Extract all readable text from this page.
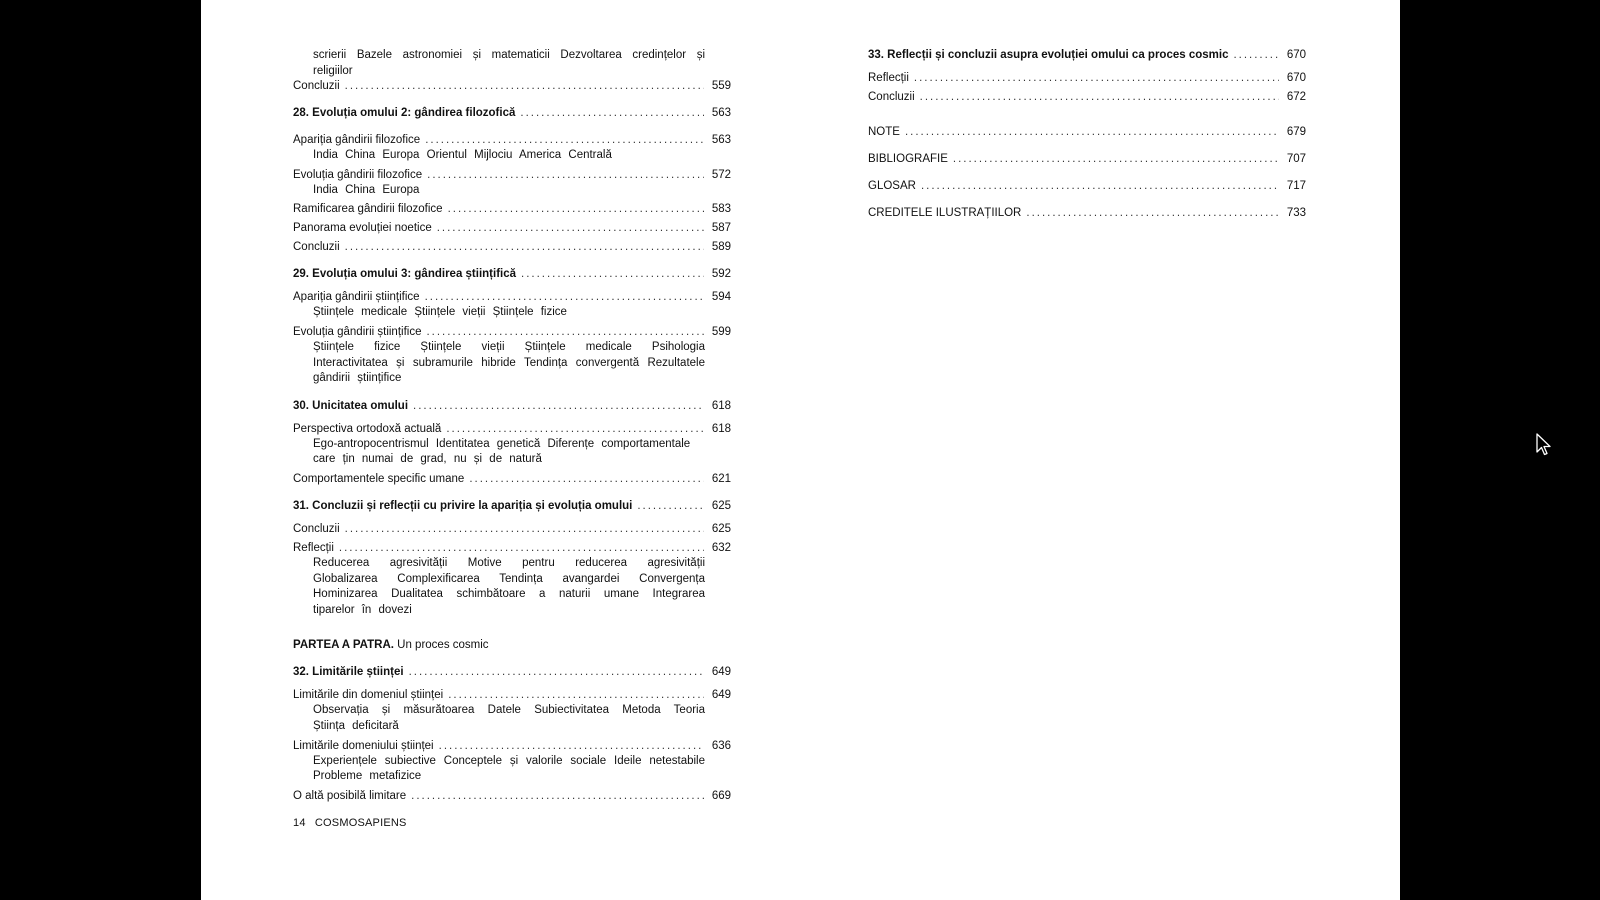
scrierii Bazele astronomiei și matematicii Dezvoltarea credințelor și religiilor
Concluzii . . .	559
28. Evoluția omului 2: gândirea filozofică . . .	563
Apariția gândirii filozofice . . .	563
India China Europa Orientul Mijlociu America Centrală
Evoluția gândirii filozofice . . .	572
India China Europa
Ramificarea gândirii filozofice . . .	583
Panorama evoluției noetice . . .	587
Concluzii . . .	589
29. Evoluția omului 3: gândirea științifică . . .	592
Apariția gândirii științifice . . .	594
Științele medicale Științele vieții Științele fizice
Evoluția gândirii științifice . . .	599
Științele fizice Științele vieții Științele medicale Psihologia Interactivitatea și subramurile hibride Tendința convergentă Rezultatele gândirii științifice
30. Unicitatea omului . . .	618
Perspectiva ortodoxă actuală . . .	618
Ego-antropocentrismul Identitatea genetică Diferențe comportamentale care țin numai de grad, nu și de natură
Comportamentele specific umane . . .	621
31. Concluzii și reflecții cu privire la apariția și evoluția omului . . .	625
Concluzii . . .	625
Reflecții . . .	632
Reducerea agresivității Motive pentru reducerea agresivității Globalizarea Complexificarea Tendința avangardei Convergența Hominizarea Dualitatea schimbătoare a naturii umane Integrarea tiparelor în dovezi
PARTEA A PATRA. Un proces cosmic
32. Limitările științei . . .	649
Limitările din domeniul științei . . .	649
Observația și măsurătoarea Datele Subiectivitatea Metoda Teoria Știința deficitară
Limitările domeniului științei . . .	636
Experiențele subiective Conceptele și valorile sociale Ideile netestabile Probleme metafizice
O altă posibilă limitare . . .	669
14 COSMOSAPIENS
33. Reflecții și concluzii asupra evoluției omului ca proces cosmic . . .	670
Reflecții . . .	670
Concluzii . . .	672
NOTE . . .	679
BIBLIOGRAFIE . . .	707
GLOSAR . . .	717
CREDITELE ILUSTRAȚIILOR . . .	733
